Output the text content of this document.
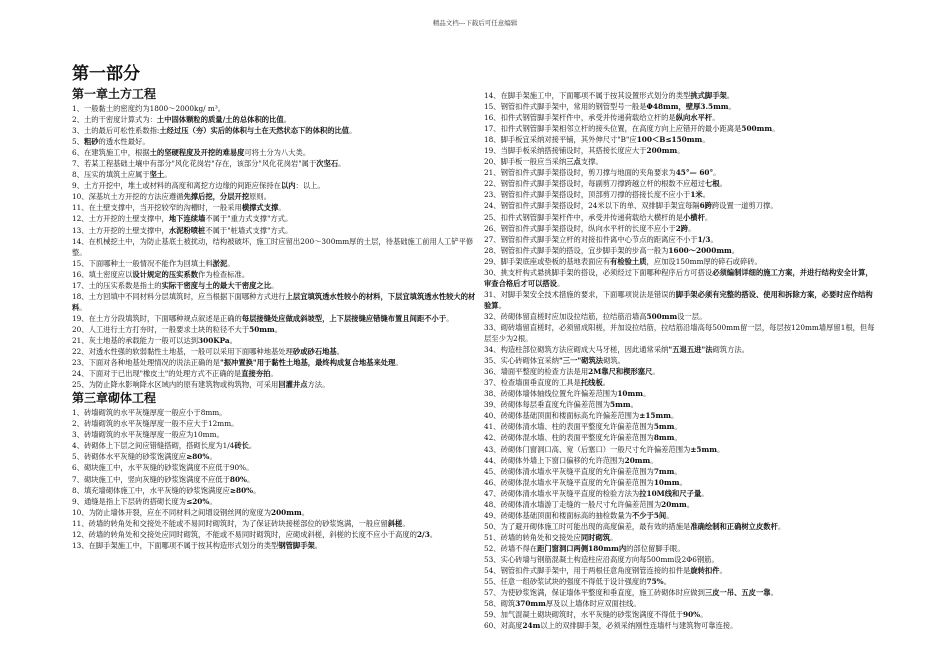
精品文档---下载后可任意编辑
第一部分
第一章土方工程

1、一般黏土的密度约为1800～2000kg/ m³。

2、土的干密度计算式为：土中固体颗粒的质量/土的总体积的比值。

3、土的最后可松性系数指:土经过压（夯）实后的体积与土在天然状态下的体积的比值。

5、粗砂的透水性最好。

6、在建筑施工中，根据土的坚硬程度及开挖的难易度可将土分为八大类。

7、若某工程基础土壤中有部分"风化花岗岩"存在，该部分"风化花岗岩"属于次坚石。

8、压实的填筑土应属于坚土。

9、土方开挖中，堆土或材料的高度和离挖方边缘的间距应保持在以内：以上。

10、深基坑土方开挖的方法应遵循先撑后挖，分层开挖原则。

11、在土壁支撑中，当开挖较窄的沟槽时，一般采用横撑式支撑。

12、土方开挖的土壁支撑中，地下连续墙不属于"重力式支撑"方式。

13、土方开挖的土壁支撑中，水泥粉喷桩不属于"桩墙式支撑"方式。

14、在机械挖土中，为防止基底土被扰动，结构被破坏，施工时应留出200～300mm厚的土层，待基础施工前用人工铲平修整。

15、下面哪种土一般情况不能作为回填土料淤泥。

16、填土密度应以设计规定的压实系数作为检查标准。

17、土的压实系数是指土的实际干密度与土的最大干密度之比。

18、土方回填中不同材料分层填筑时，应当根据下面哪种方式进行上层宜填筑透水性较小的材料，下层宜填筑透水性较大的材料。

19、在土方分段填筑时，下面哪种规点叙述是正确的每层接缝处应做成斜坡型，上下层接缝应错缝布置且间距不小于。

20、人工进行土方打夯时，一般要求土块的粒径不大于50mm。

21、灰土地基的承载能力一般可以达到300KPa。

22、对透水性强的软弱黏性土地基，一般可以采用下面哪种地基处理砂或砂石地基。

23、下面对各种地基处理情况的说法正确的是"振冲置换"用于黏性土地基，最终构成复合地基来处理。

24、下面对于已出现"橡皮土"的处理方式不正确的是直接夯拍。

25、为防止降水影响降水区域内的原有建筑物或构筑物，可采用回灌井点方法。

第三章砌体工程

1、砖墙砌筑的水平灰缝厚度一般应小于8mm。

2、砖墙砌筑的水平灰缝厚度一般不应大于12mm。

3、砖墙砌筑的水平灰缝厚度一般应为10mm。

4、砖砌体上下层之间应错缝搭砌，搭砌长度为1/4砖长。

5、砖砌体水平灰缝的砂浆饱满度应≥80%。

6、砌块施工中，水平灰缝的砂浆饱满度不应低于90%。

7、砌块施工中，竖向灰缝的砂浆饱满度不应低于80%。

8、填充墙砌体施工中，水平灰缝的砂浆饱满度应≥80%。

9、通缝是指上下层砖的搭砌长度为≤20%。

10、为防止墙体开裂，应在不同材料之间增设钢丝网的宽度为200mm。

11、砖墙的转角处和交接处不能或不易同时砌筑时，为了保证砖块接槎部位的砂浆饱满，一般应留斜槎。

12、砖墙的转角处和交接处应同时砌筑，不能或不易同时砌筑时，应砌成斜槎，斜槎的长度不应小于高度的2/3。

13、在脚手架施工中，下面哪项不属于按其构造形式划分的类型钢管脚手架。

14、在脚手架施工中，下面哪项不属于按其设置形式划分的类型挑式脚手架。

15、钢管扣件式脚手架中，常用的钢管型号一般是Φ48mm，壁厚3.5mm。

16、扣件式钢管脚手架杆件中，承受并传递荷载给立杆的是纵向水平杆。

17、扣件式钢管脚手架相邻立杆的接头位置，在高度方向上应错开的最小距离是500mm。

18、脚手板宜采纳对接平铺，其外伸尺寸"B"应100＜B≤150mm。

19、当脚手板采纳搭接铺设时，其搭接长度应大于200mm。

20、脚手板一般应当采纳三点支撑。

21、钢管扣件式脚手架搭设时，剪刀撑与地面的夹角要求为45°— 60°。

22、钢管扣件式脚手架搭设时，每副剪刀撑跨越立杆的根数不应超过七根。

23、钢管扣件式脚手架搭设时，顶部剪刀撑的搭接长度不应小于1米。

24、钢管扣件式脚手架搭设时，24米以下的单、双排脚手架宜每隔6跨跨设置一道剪刀撑。

25、扣件式钢管脚手架杆件中，承受并传递荷载给大横杆的是小横杆。

26、钢管扣件式脚手架搭设时，纵向水平杆的长度不应小于2跨。

27、钢管扣件式脚手架立杆的对接扣件离中心节点的距离应不小于1/3。

28、钢管扣件式脚手架的搭设，宜步脚手架的步高一般为1600～2000mm。

29、脚手架底座或垫板的基地表面应有有检验土质，应加设150mm厚的碎石或碎砖。

30、挑支杆构式悬挑脚手架的搭设，必须经过下面哪种程序后方可搭设必须编制详细的施工方案，并进行结构安全计算，审查合格后才可以搭设。

31、对脚手架安全技术措施的要求，下面哪项说法是错误的脚手架必须有完整的搭设、使用和拆除方案，必要时应作结构验算。

32、砖砌体留直槎时应加设拉结筋，拉结筋沿墙高500mm设一层。

33、砌砖墙留直槎时，必须留成阳槎，并加设拉结筋，拉结筋沿墙高每500mm留一层，每层按120mm墙厚留1根，但每层至少为2根。

34、构造柱部位砌筑方法应砌成大马牙槎，因此通常采纳"五退五进"法砌筑方法。

35、实心砖砌体宜采纳"三一"砌筑法砌筑。

36、墙面平整度的检查方法是用2M靠尺和楔形塞尺。

37、检查墙面垂直度的工具是托线板。

38、砖砌体墙体轴线位置允许偏差范围为10mm。

39、砖砌体每层垂直度允许偏差范围为5mm。

40、砖砌体基础顶面和楼面标高允许偏差范围为±15mm。

41、砖砌体清水墙、柱的表面平整度允许偏差范围为5mm。

42、砖砌体混水墙、柱的表面平整度允许偏差范围为8mm。

43、砖砌体门窗洞口高、宽（后塞口）一般尺寸允许偏差范围为±5mm。

44、砖砌体外墙上下窗口偏移的允许范围为20mm。

45、砖砌体清水墙水平灰缝平直度的允许偏差范围为7mm。

46、砖砌体混水墙水平灰缝平直度的允许偏差范围为10mm。

47、砖砌体清水墙水平灰缝平直度的检验方法为拉10M线和尺子量。

48、砖砌体清水墙游丁走缝的一般尺寸允许偏差范围为20mm。

49、砖砌体基础顶面和楼面标高的抽检数量为不少于5间。

50、为了避开砌体施工时可能出现的高度偏差，最有效的措施是准确绘制和正确树立皮数杆。

51、砖墙的转角处和交接处应同时砌筑。

52、砖墙不得在距门窗洞口两侧180mm内的部位留脚手眼。

53、实心砖墙与钢筋混凝土构造柱应沿高度方向每500mm设2Φ6钢筋。

54、钢管扣件式脚手架中，用于两根任意角度钢管连接的扣件是旋转扣件。

55、任意一组砂浆试块的强度不得低于设计强度的75%。

57、为使砂浆饱满，保证墙体平整度和垂直度，施工砖砌体时应做到三皮一吊、五皮一靠。

58、砌筑370mm厚及以上墙体时应双面挂线。

59、加气混凝土砌块砌筑时，水平灰缝的砂浆饱满度不得低于90%。

60、对高度24m以上的双排脚手架，必须采纳刚性连墙杆与建筑物可靠连接。
